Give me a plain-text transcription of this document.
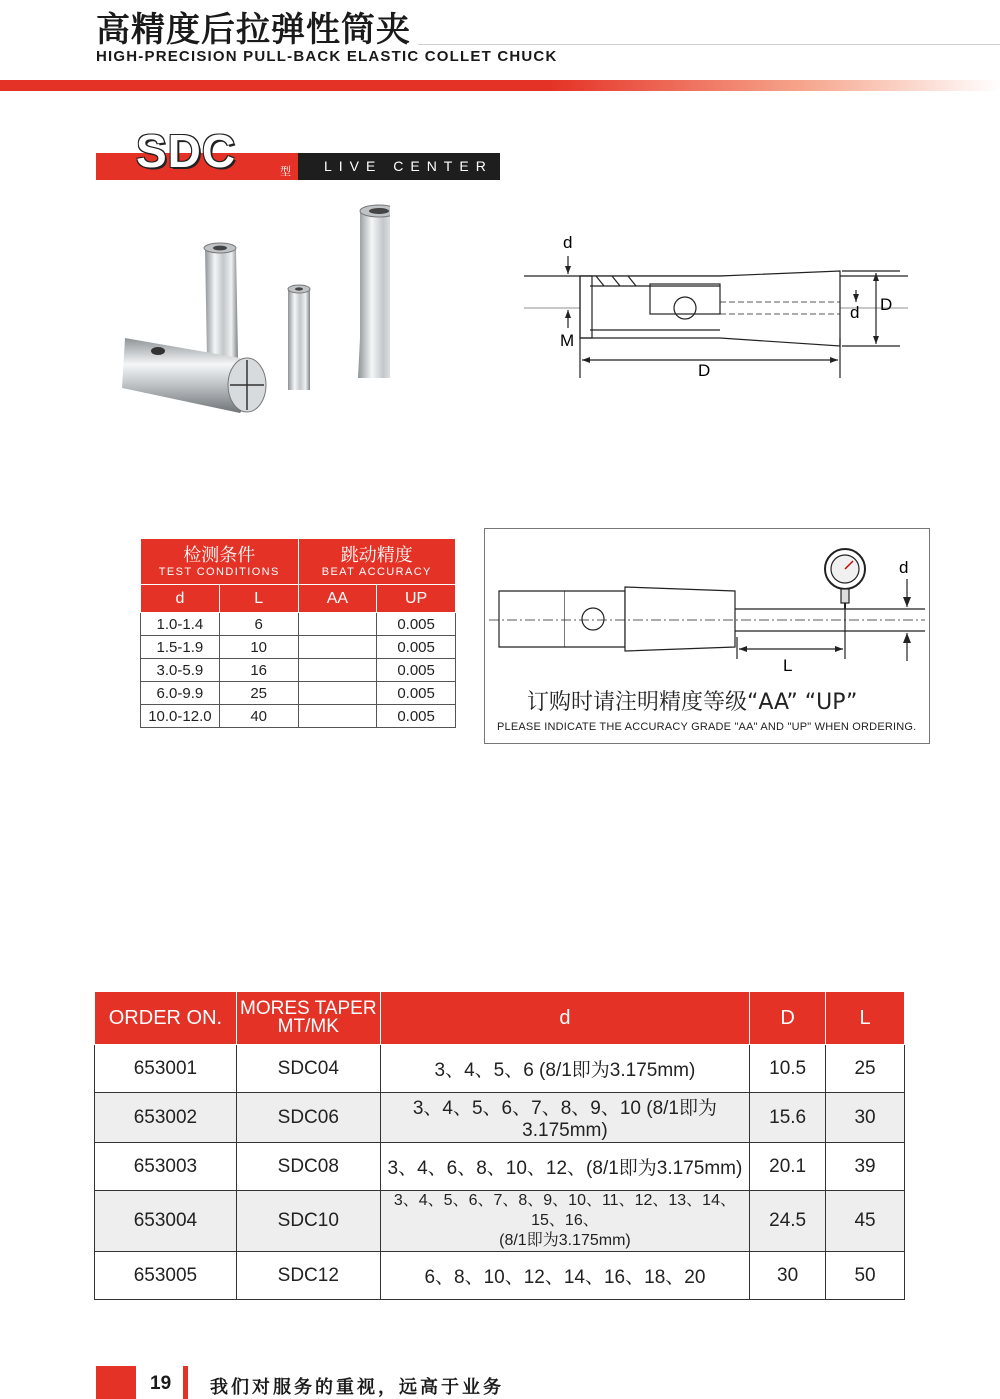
高精度后拉弹性筒夹
HIGH-PRECISION PULL-BACK ELASTIC COLLET CHUCK
LIVE CENTER
SDC	型
d
M
d D
D
检测条件
TEST CONDITIONS		跳动精度
BEAT ACCURACY	

d	L	AA	UP
1.0-1.4	6		0.005
1.5-1.9	10		0.005
3.0-5.9	16		0.005
6.0-9.9	25		0.005
10.0-12.0	40		0.005
d
L
订购时请注明精度等级“AA” “UP”
PLEASE INDICATE THE ACCURACY GRADE "AA" AND "UP" WHEN ORDERING.
ORDER ON.	MORES TAPER
MT/MK	d	D	L
653001	SDC04	3、4、5、6 (8/1即为3.175mm)	10.5	25
653002	SDC06	3、4、5、6、7、8、9、10 (8/1即为3.175mm)	15.6	30
653003	SDC08	3、4、6、8、10、12、(8/1即为3.175mm)	20.1	39
653004	SDC10	3、4、5、6、7、8、9、10、11、12、13、14、15、16、
(8/1即为3.175mm)	24.5	45
653005	SDC12	6、8、10、12、14、16、18、20	30	50
19 我们对服务的重视，远高于业务
